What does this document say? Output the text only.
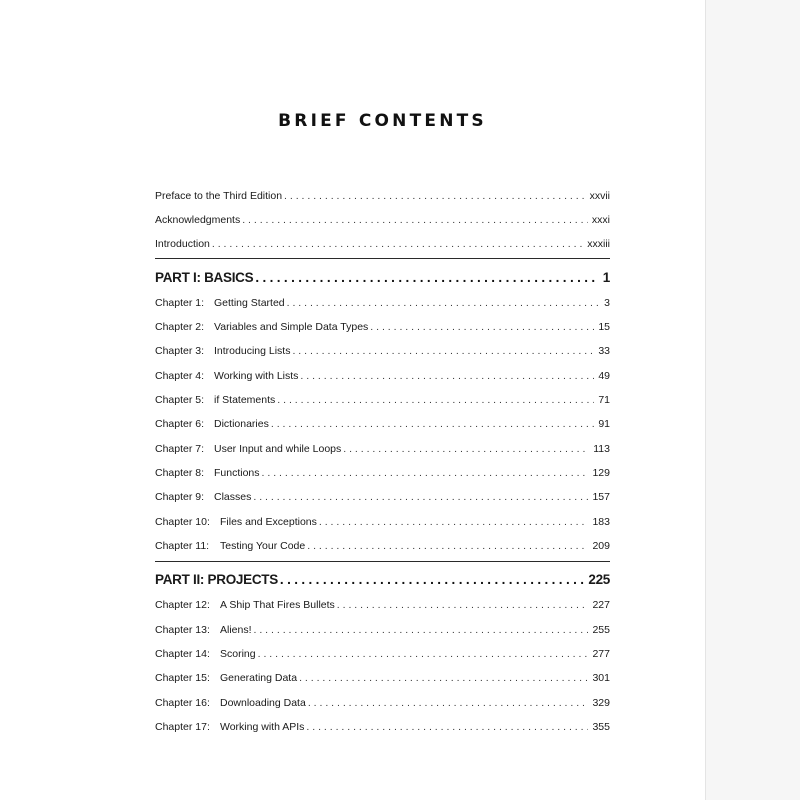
BRIEF CONTENTS
Preface to the Third Edition . . .	xxvii
Acknowledgments . . .	xxxi
Introduction . . .	xxxiii
PART I: BASICS .....	1
Chapter 1: Getting Started . . .	3
Chapter 2: Variables and Simple Data Types . . .	15
Chapter 3: Introducing Lists . . .	33
Chapter 4: Working with Lists . . .	49
Chapter 5: if Statements . . .	71
Chapter 6: Dictionaries . . .	91
Chapter 7: User Input and while Loops . . .	113
Chapter 8: Functions . . .	129
Chapter 9: Classes . . .	157
Chapter 10: Files and Exceptions . . .	183
Chapter 11: Testing Your Code . . .	209
PART II: PROJECTS .....	225
Chapter 12: A Ship That Fires Bullets . . .	227
Chapter 13: Aliens! . . .	255
Chapter 14: Scoring . . .	277
Chapter 15: Generating Data . . .	301
Chapter 16: Downloading Data . . .	329
Chapter 17: Working with APIs . . .	355
